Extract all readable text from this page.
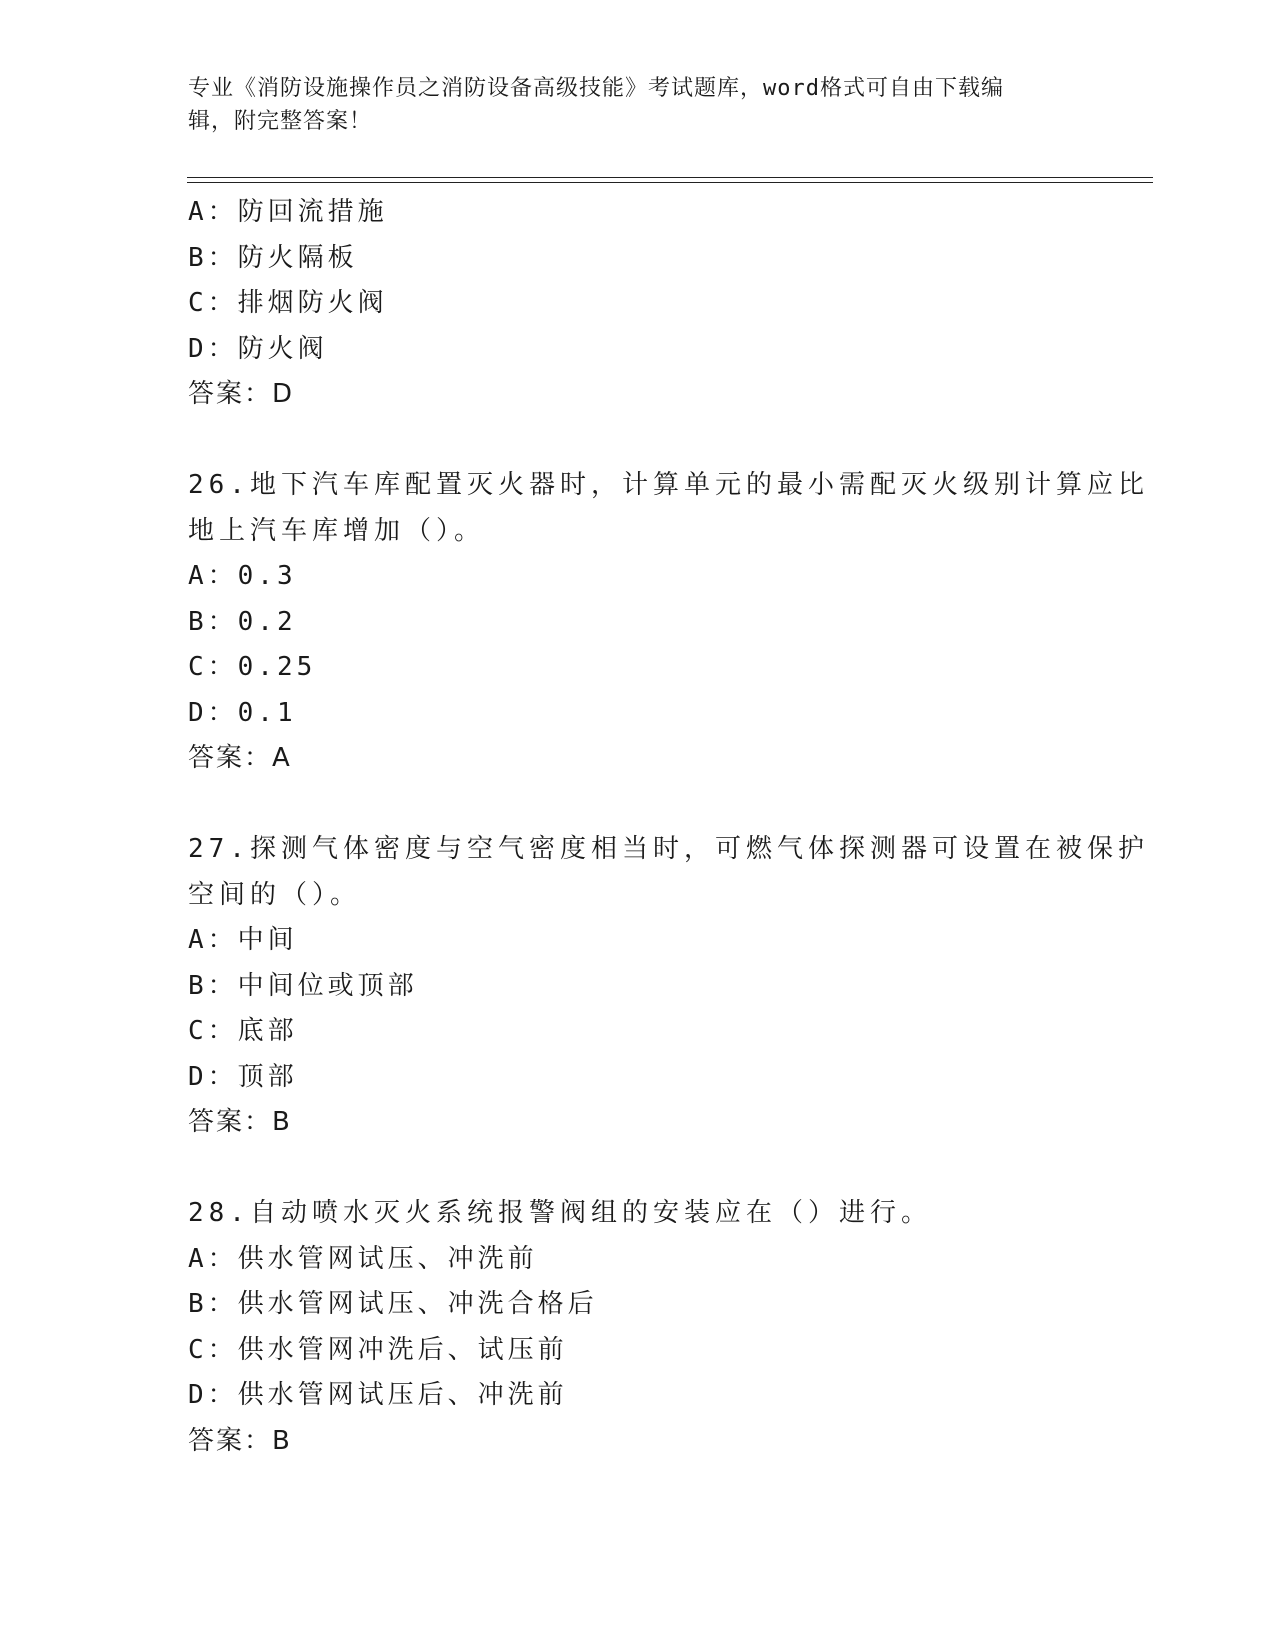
专业《消防设施操作员之消防设备高级技能》考试题库，word格式可自由下载编
辑，附完整答案！
A：防回流措施
B：防火隔板
C：排烟防火阀
D：防火阀
答案：D
26.地下汽车库配置灭火器时，计算单元的最小需配灭火级别计算应比
地上汽车库增加（）。
A：0.3
B：0.2
C：0.25
D：0.1
答案：A
27.探测气体密度与空气密度相当时，可燃气体探测器可设置在被保护
空间的（）。
A：中间
B：中间位或顶部
C：底部
D：顶部
答案：B
28.自动喷水灭火系统报警阀组的安装应在（）进行。
A：供水管网试压、冲洗前
B：供水管网试压、冲洗合格后
C：供水管网冲洗后、试压前
D：供水管网试压后、冲洗前
答案：B
